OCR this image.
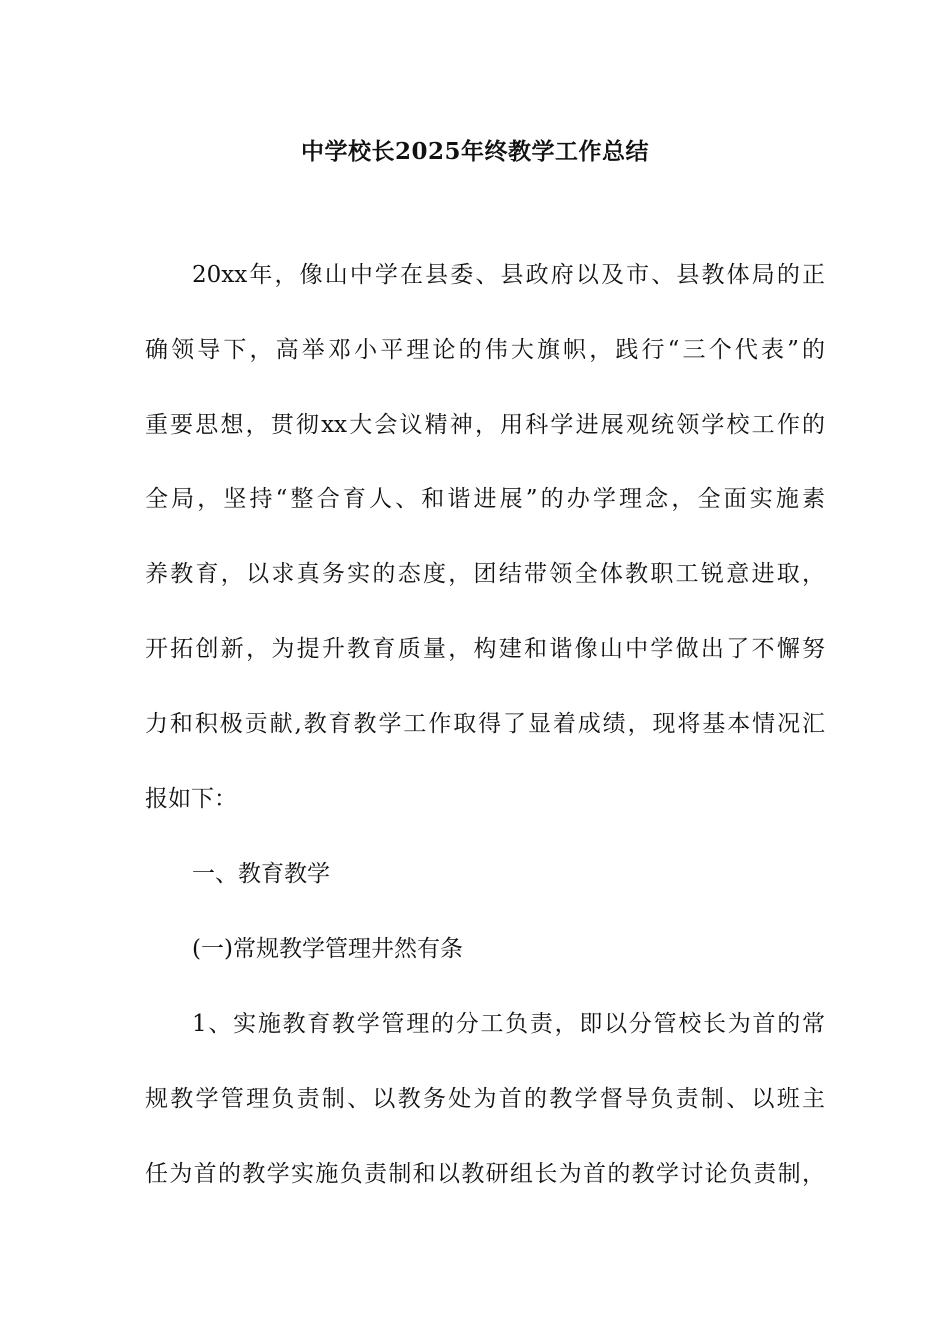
中学校长2025年终教学工作总结
20xx年，像山中学在县委、县政府以及市、县教体局的正
确领导下，高举邓小平理论的伟大旗帜，践行“三个代表”的
重要思想，贯彻xx大会议精神，用科学进展观统领学校工作的
全局，坚持“整合育人、和谐进展”的办学理念，全面实施素
养教育，以求真务实的态度，团结带领全体教职工锐意进取，
开拓创新，为提升教育质量，构建和谐像山中学做出了不懈努
力和积极贡献,教育教学工作取得了显着成绩，现将基本情况汇
报如下：
一、教育教学
(一)常规教学管理井然有条
1、实施教育教学管理的分工负责，即以分管校长为首的常
规教学管理负责制、以教务处为首的教学督导负责制、以班主
任为首的教学实施负责制和以教研组长为首的教学讨论负责制，
